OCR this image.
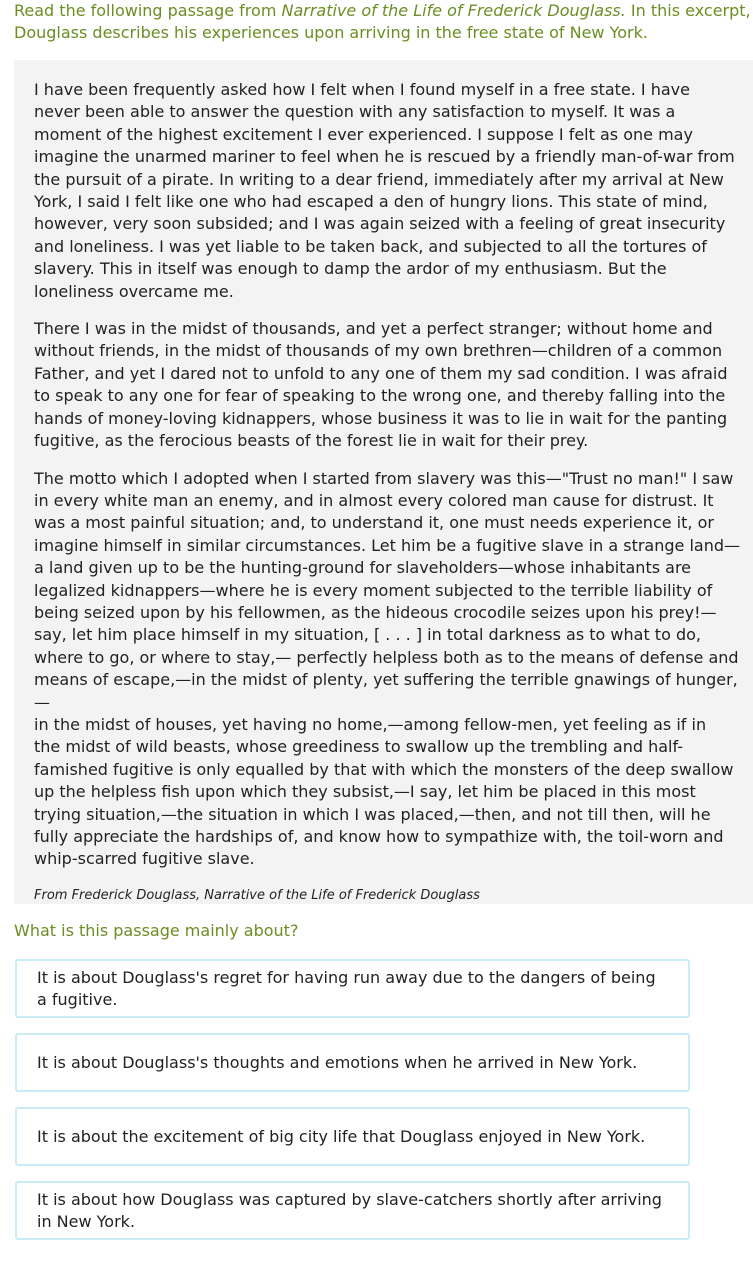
Read the following passage from Narrative of the Life of Frederick Douglass. In this excerpt,
Douglass describes his experiences upon arriving in the free state of New York.

I have been frequently asked how I felt when I found myself in a free state. I have
never been able to answer the question with any satisfaction to myself. It was a
moment of the highest excitement I ever experienced. I suppose I felt as one may
imagine the unarmed mariner to feel when he is rescued by a friendly man-of-war from
the pursuit of a pirate. In writing to a dear friend, immediately after my arrival at New
York, I said I felt like one who had escaped a den of hungry lions. This state of mind,
however, very soon subsided; and I was again seized with a feeling of great insecurity
and loneliness. I was yet liable to be taken back, and subjected to all the tortures of
slavery. This in itself was enough to damp the ardor of my enthusiasm. But the
loneliness overcame me.

There I was in the midst of thousands, and yet a perfect stranger; without home and
without friends, in the midst of thousands of my own brethren—children of a common
Father, and yet I dared not to unfold to any one of them my sad condition. I was afraid
to speak to any one for fear of speaking to the wrong one, and thereby falling into the
hands of money-loving kidnappers, whose business it was to lie in wait for the panting
fugitive, as the ferocious beasts of the forest lie in wait for their prey.

The motto which I adopted when I started from slavery was this—"Trust no man!" I saw
in every white man an enemy, and in almost every colored man cause for distrust. It
was a most painful situation; and, to understand it, one must needs experience it, or
imagine himself in similar circumstances. Let him be a fugitive slave in a strange land—
a land given up to be the hunting-ground for slaveholders—whose inhabitants are
legalized kidnappers—where he is every moment subjected to the terrible liability of
being seized upon by his fellowmen, as the hideous crocodile seizes upon his prey!—
say, let him place himself in my situation, [ . . . ] in total darkness as to what to do,
where to go, or where to stay,— perfectly helpless both as to the means of defense and
means of escape,—in the midst of plenty, yet suffering the terrible gnawings of hunger,—
in the midst of houses, yet having no home,—among fellow-men, yet feeling as if in
the midst of wild beasts, whose greediness to swallow up the trembling and half-
famished fugitive is only equalled by that with which the monsters of the deep swallow
up the helpless fish upon which they subsist,—I say, let him be placed in this most
trying situation,—the situation in which I was placed,—then, and not till then, will he
fully appreciate the hardships of, and know how to sympathize with, the toil-worn and
whip-scarred fugitive slave.

From Frederick Douglass, Narrative of the Life of Frederick Douglass

What is this passage mainly about?

It is about Douglass's regret for having run away due to the dangers of being
a fugitive.
It is about Douglass's thoughts and emotions when he arrived in New York.
It is about the excitement of big city life that Douglass enjoyed in New York.
It is about how Douglass was captured by slave-catchers shortly after arriving
in New York.
